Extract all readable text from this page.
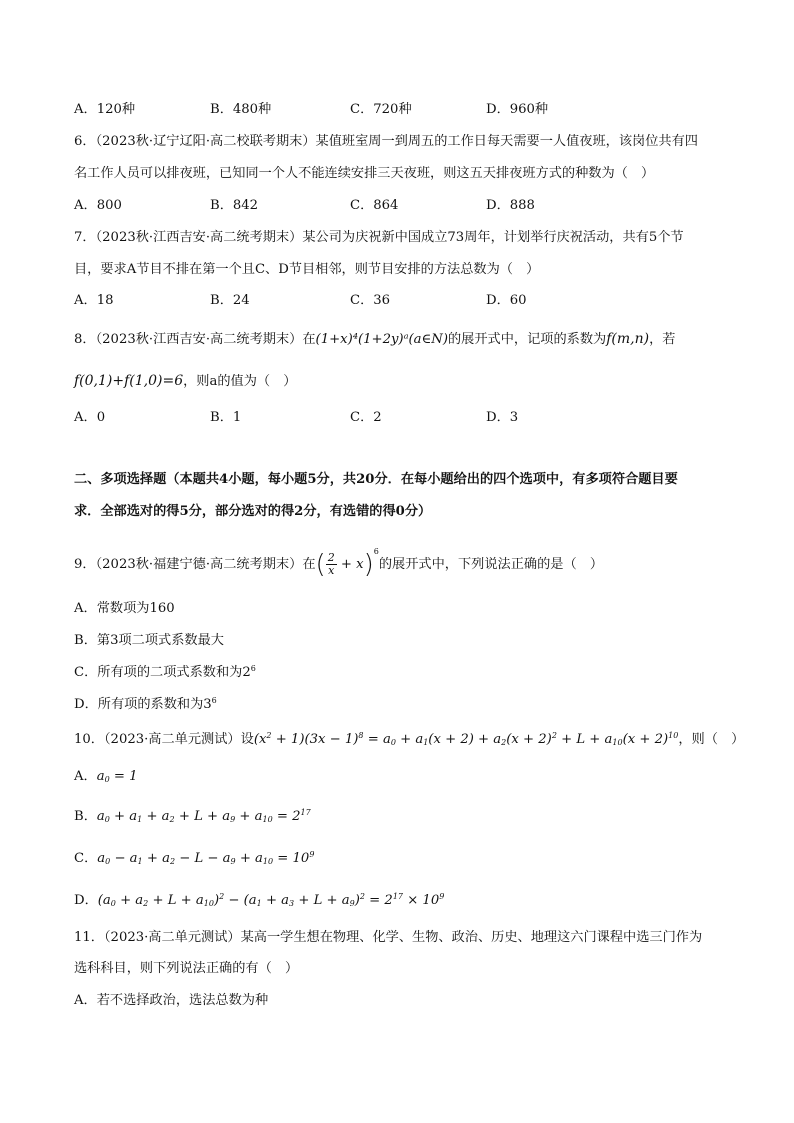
A．120种	B．480种	C．720种	D．960种
6．（2023秋·辽宁辽阳·高二校联考期末）某值班室周一到周五的工作日每天需要一人值夜班，该岗位共有四
名工作人员可以排夜班，已知同一个人不能连续安排三天夜班，则这五天排夜班方式的种数为（　）
A．800	B．842	C．864	D．888
7．（2023秋·江西吉安·高二统考期末）某公司为庆祝新中国成立73周年，计划举行庆祝活动，共有5个节
目，要求A节目不排在第一个且C、D节目相邻，则节目安排的方法总数为（　）
A．18	B．24	C．36	D．60
8．（2023秋·江西吉安·高二统考期末）在(1+x)⁴(1+2y)ᵃ(a∈N)的展开式中，记项的系数为f(m,n)，若
f(0,1)+f(1,0)=6，则a的值为（　）
A．0	B．1	C．2	D．3
二、多项选择题（本题共4小题，每小题5分，共20分．在每小题给出的四个选项中，有多项符合题目要
求．全部选对的得5分，部分选对的得2分，有选错的得0分）
9．（2023秋·福建宁德·高二统考期末）在( $\frac{2}{x} + x)^6$的展开式中，下列说法正确的是（　）
A．常数项为160
B．第3项二项式系数最大
C．所有项的二项式系数和为$2^6$
D．所有项的系数和为$3^6$
10．（2023·高二单元测试）设$(x^2 + 1)(3x - 1)^8 = a_0 + a_1(x + 2) + a_2(x + 2)^2 + L + a_{10}(x + 2)^{10}$，则（　）
A．$a_0 = 1$
B．$a_0 + a_1 + a_2 + L + a_9 + a_{10} = 2^{17}$
C．$a_0 - a_1 + a_2 - L - a_9 + a_{10} = 10^9$
D．$(a_0 + a_2 + L + a_{10})^2 - (a_1 + a_3 + L + a_9)^2 = 2^{17} \times 10^9$
11．（2023·高二单元测试）某高一学生想在物理、化学、生物、政治、历史、地理这六门课程中选三门作为
选科科目，则下列说法正确的有（　）
A．若不选择政治，选法总数为种
